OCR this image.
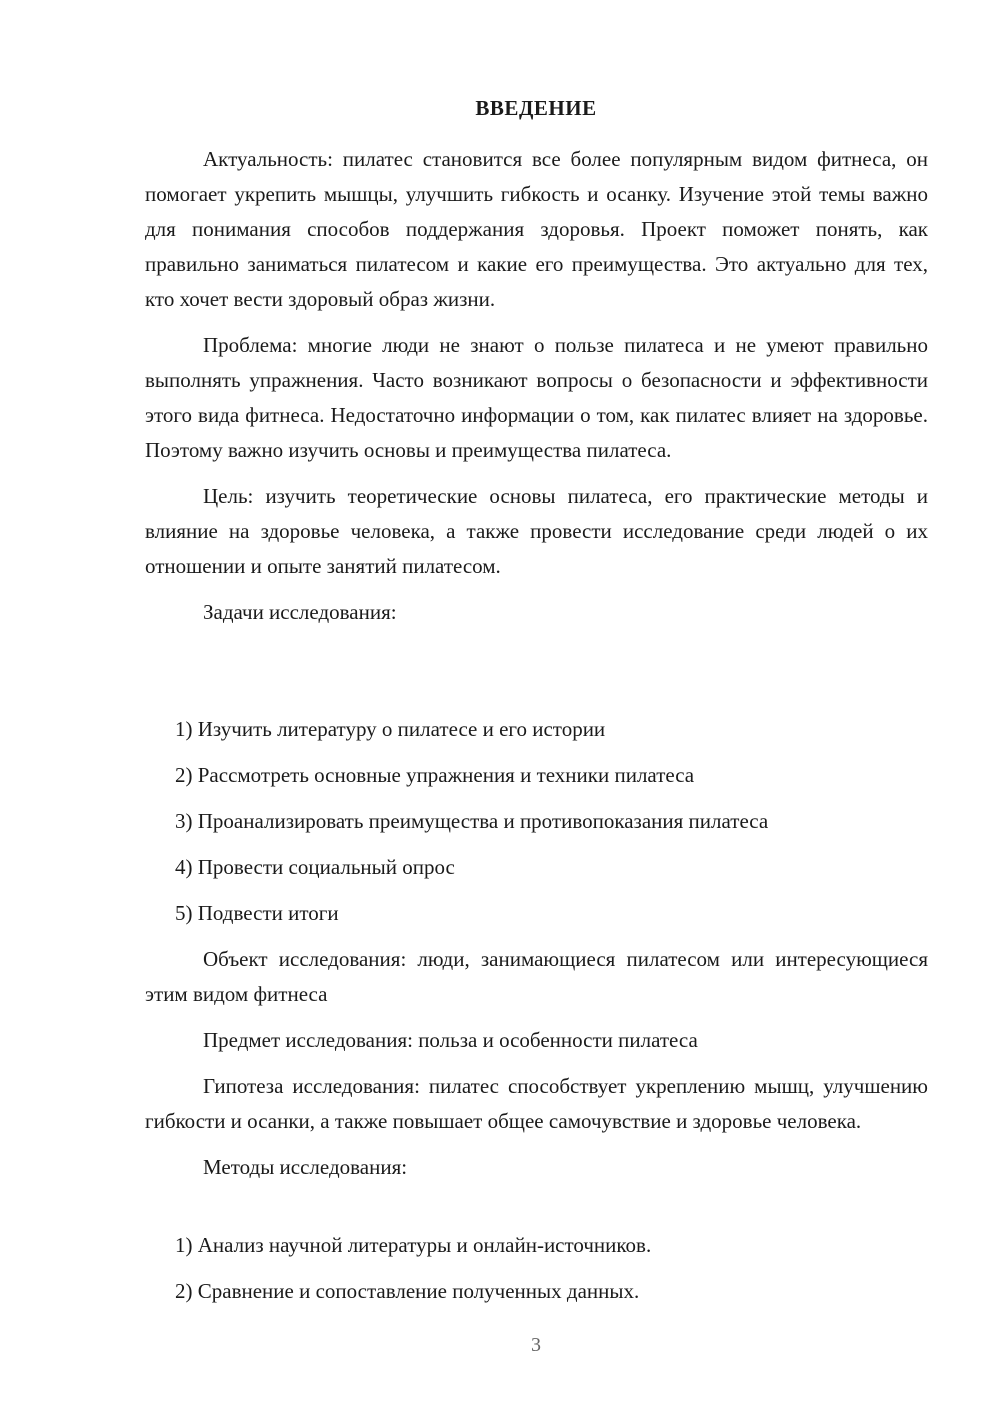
ВВЕДЕНИЕ

Актуальность: пилатес становится все более популярным видом фитнеса, он помогает укрепить мышцы, улучшить гибкость и осанку. Изучение этой темы важно для понимания способов поддержания здоровья. Проект поможет понять, как правильно заниматься пилатесом и какие его преимущества. Это актуально для тех, кто хочет вести здоровый образ жизни.

Проблема: многие люди не знают о пользе пилатеса и не умеют правильно выполнять упражнения. Часто возникают вопросы о безопасности и эффективности этого вида фитнеса. Недостаточно информации о том, как пилатес влияет на здоровье. Поэтому важно изучить основы и преимущества пилатеса.

Цель: изучить теоретические основы пилатеса, его практические методы и влияние на здоровье человека, а также провести исследование среди людей о их отношении и опыте занятий пилатесом.

Задачи исследования:

1) Изучить литературу о пилатесе и его истории

2) Рассмотреть основные упражнения и техники пилатеса

3) Проанализировать преимущества и противопоказания пилатеса

4) Провести социальный опрос

5) Подвести итоги

Объект исследования: люди, занимающиеся пилатесом или интересующиеся этим видом фитнеса

Предмет исследования: польза и особенности пилатеса

Гипотеза исследования: пилатес способствует укреплению мышц, улучшению гибкости и осанки, а также повышает общее самочувствие и здоровье человека.

Методы исследования:

1) Анализ научной литературы и онлайн-источников.

2) Сравнение и сопоставление полученных данных.

3
